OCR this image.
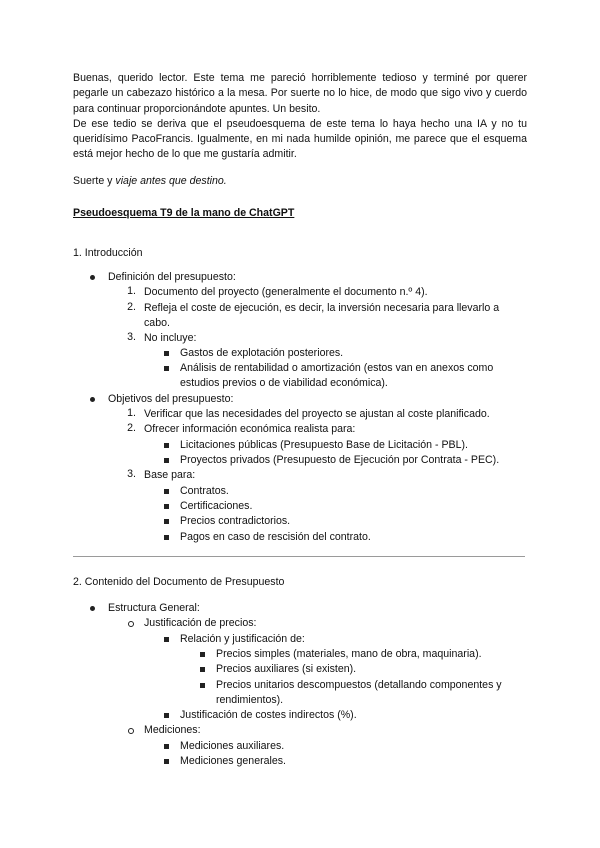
Buenas, querido lector. Este tema me pareció horriblemente tedioso y terminé por querer pegarle un cabezazo histórico a la mesa. Por suerte no lo hice, de modo que sigo vivo y cuerdo para continuar proporcionándote apuntes. Un besito.

De ese tedio se deriva que el pseudoesquema de este tema lo haya hecho una IA y no tu queridísimo PacoFrancis. Igualmente, en mi nada humilde opinión, me parece que el esquema está mejor hecho de lo que me gustaría admitir.

Suerte y viaje antes que destino.

Pseudoesquema T9 de la mano de ChatGPT

1. Introducción

Definición del presupuesto:
1. Documento del proyecto (generalmente el documento n.º 4).
2. Refleja el coste de ejecución, es decir, la inversión necesaria para llevarlo a cabo.
3. No incluye:
Gastos de explotación posteriores.
Análisis de rentabilidad o amortización (estos van en anexos como estudios previos o de viabilidad económica).
Objetivos del presupuesto:
1. Verificar que las necesidades del proyecto se ajustan al coste planificado.
2. Ofrecer información económica realista para:
Licitaciones públicas (Presupuesto Base de Licitación - PBL).
Proyectos privados (Presupuesto de Ejecución por Contrata - PEC).
3. Base para:
Contratos.
Certificaciones.
Precios contradictorios.
Pagos en caso de rescisión del contrato.

2. Contenido del Documento de Presupuesto

Estructura General:
Justificación de precios:
Relación y justificación de:
Precios simples (materiales, mano de obra, maquinaria).
Precios auxiliares (si existen).
Precios unitarios descompuestos (detallando componentes y rendimientos).
Justificación de costes indirectos (%).
Mediciones:
Mediciones auxiliares.
Mediciones generales.
